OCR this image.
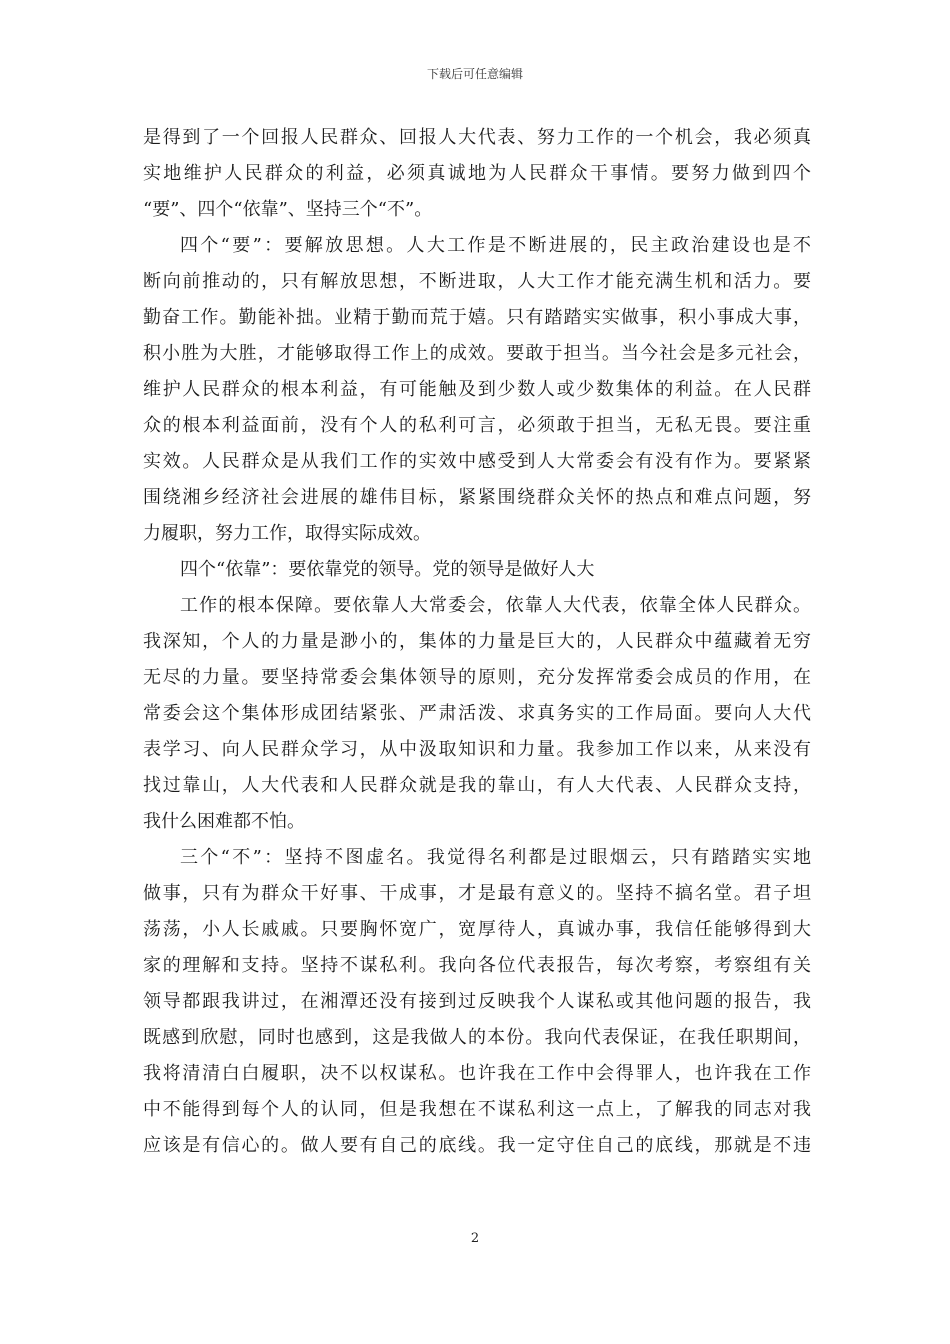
下载后可任意编辑
是得到了一个回报人民群众、回报人大代表、努力工作的一个机会，我必须真
实地维护人民群众的利益，必须真诚地为人民群众干事情。要努力做到四个
“要”、四个“依靠”、坚持三个“不”。
四个“要”：要解放思想。人大工作是不断进展的，民主政治建设也是不
断向前推动的，只有解放思想，不断进取，人大工作才能充满生机和活力。要
勤奋工作。勤能补拙。业精于勤而荒于嬉。只有踏踏实实做事，积小事成大事，
积小胜为大胜，才能够取得工作上的成效。要敢于担当。当今社会是多元社会，
维护人民群众的根本利益，有可能触及到少数人或少数集体的利益。在人民群
众的根本利益面前，没有个人的私利可言，必须敢于担当，无私无畏。要注重
实效。人民群众是从我们工作的实效中感受到人大常委会有没有作为。要紧紧
围绕湘乡经济社会进展的雄伟目标，紧紧围绕群众关怀的热点和难点问题，努
力履职，努力工作，取得实际成效。
四个“依靠”：要依靠党的领导。党的领导是做好人大
工作的根本保障。要依靠人大常委会，依靠人大代表，依靠全体人民群众。
我深知，个人的力量是渺小的，集体的力量是巨大的，人民群众中蕴藏着无穷
无尽的力量。要坚持常委会集体领导的原则，充分发挥常委会成员的作用，在
常委会这个集体形成团结紧张、严肃活泼、求真务实的工作局面。要向人大代
表学习、向人民群众学习，从中汲取知识和力量。我参加工作以来，从来没有
找过靠山，人大代表和人民群众就是我的靠山，有人大代表、人民群众支持，
我什么困难都不怕。
三个“不”：坚持不图虚名。我觉得名利都是过眼烟云，只有踏踏实实地
做事，只有为群众干好事、干成事，才是最有意义的。坚持不搞名堂。君子坦
荡荡，小人长戚戚。只要胸怀宽广，宽厚待人，真诚办事，我信任能够得到大
家的理解和支持。坚持不谋私利。我向各位代表报告，每次考察，考察组有关
领导都跟我讲过，在湘潭还没有接到过反映我个人谋私或其他问题的报告，我
既感到欣慰，同时也感到，这是我做人的本份。我向代表保证，在我任职期间，
我将清清白白履职，决不以权谋私。也许我在工作中会得罪人，也许我在工作
中不能得到每个人的认同，但是我想在不谋私利这一点上，了解我的同志对我
应该是有信心的。做人要有自己的底线。我一定守住自己的底线，那就是不违
2
